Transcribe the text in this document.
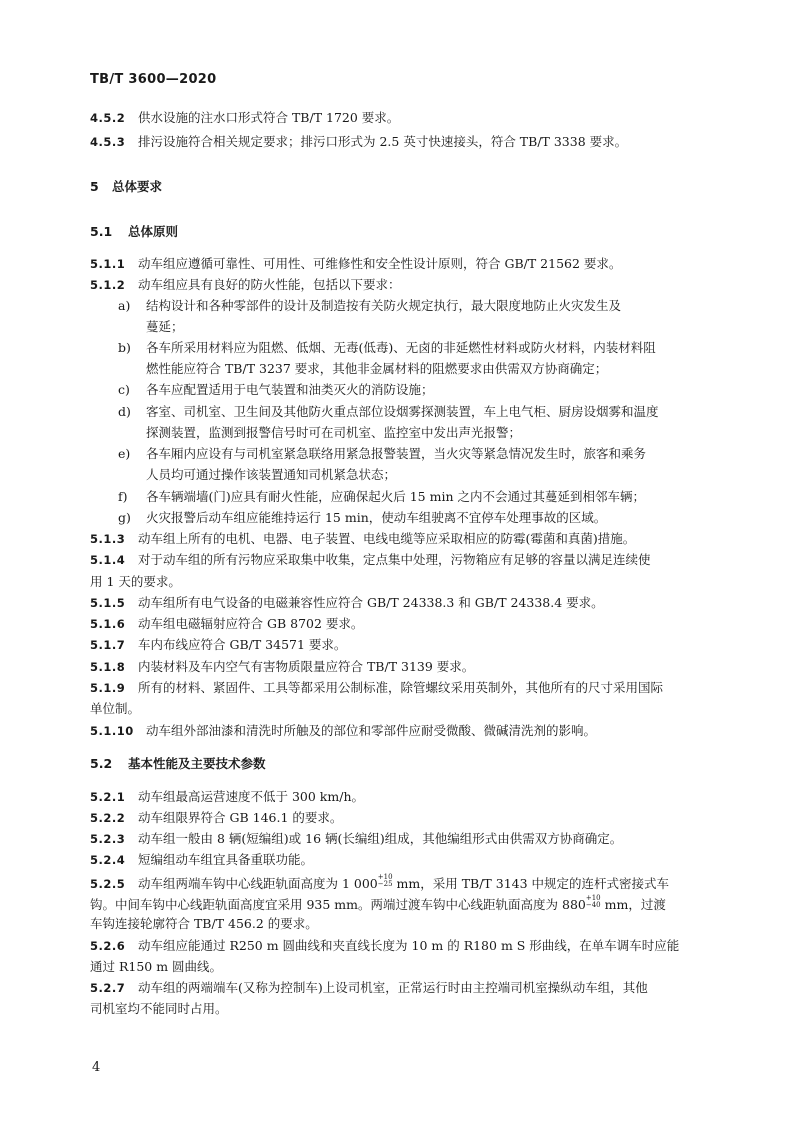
TB/T 3600—2020
4.5.2 供水设施的注水口形式符合 TB/T 1720 要求。
4.5.3 排污设施符合相关规定要求；排污口形式为 2.5 英寸快速接头，符合 TB/T 3338 要求。
5 总体要求
5.1 总体原则
5.1.1 动车组应遵循可靠性、可用性、可维修性和安全性设计原则，符合 GB/T 21562 要求。
5.1.2 动车组应具有良好的防火性能，包括以下要求：
a) 结构设计和各种零部件的设计及制造按有关防火规定执行，最大限度地防止火灾发生及
蔓延；
b) 各车所采用材料应为阻燃、低烟、无毒(低毒)、无卤的非延燃性材料或防火材料，内装材料阻
燃性能应符合 TB/T 3237 要求，其他非金属材料的阻燃要求由供需双方协商确定；
c) 各车应配置适用于电气装置和油类灭火的消防设施；
d) 客室、司机室、卫生间及其他防火重点部位设烟雾探测装置，车上电气柜、厨房设烟雾和温度
探测装置，监测到报警信号时可在司机室、监控室中发出声光报警；
e) 各车厢内应设有与司机室紧急联络用紧急报警装置，当火灾等紧急情况发生时，旅客和乘务
人员均可通过操作该装置通知司机紧急状态；
f) 各车辆端墙(门)应具有耐火性能，应确保起火后 15 min 之内不会通过其蔓延到相邻车辆；
g) 火灾报警后动车组应能维持运行 15 min，使动车组驶离不宜停车处理事故的区域。
5.1.3 动车组上所有的电机、电器、电子装置、电线电缆等应采取相应的防霉(霉菌和真菌)措施。
5.1.4 对于动车组的所有污物应采取集中收集，定点集中处理，污物箱应有足够的容量以满足连续使
用 1 天的要求。
5.1.5 动车组所有电气设备的电磁兼容性应符合 GB/T 24338.3 和 GB/T 24338.4 要求。
5.1.6 动车组电磁辐射应符合 GB 8702 要求。
5.1.7 车内布线应符合 GB/T 34571 要求。
5.1.8 内装材料及车内空气有害物质限量应符合 TB/T 3139 要求。
5.1.9 所有的材料、紧固件、工具等都采用公制标准，除管螺纹采用英制外，其他所有的尺寸采用国际
单位制。
5.1.10 动车组外部油漆和清洗时所触及的部位和零部件应耐受微酸、微碱清洗剂的影响。
5.2 基本性能及主要技术参数
5.2.1 动车组最高运营速度不低于 300 km/h。
5.2.2 动车组限界符合 GB 146.1 的要求。
5.2.3 动车组一般由 8 辆(短编组)或 16 辆(长编组)组成，其他编组形式由供需双方协商确定。
5.2.4 短编组动车组宜具备重联功能。
5.2.5 动车组两端车钩中心线距轨面高度为 1 000 $^{+10 -25}$ mm，采用 TB/T 3143 中规定的连杆式密接式车
钩。中间车钩中心线距轨面高度宜采用 935 mm。两端过渡车钩中心线距轨面高度为 880 $^{+10 -40}$ mm，过渡
车钩连接轮廓符合 TB/T 456.2 的要求。
5.2.6 动车组应能通过 R250 m 圆曲线和夹直线长度为 10 m 的 R180 m S 形曲线，在单车调车时应能
通过 R150 m 圆曲线。
5.2.7 动车组的两端端车(又称为控制车)上设司机室，正常运行时由主控端司机室操纵动车组，其他
司机室均不能同时占用。
4
